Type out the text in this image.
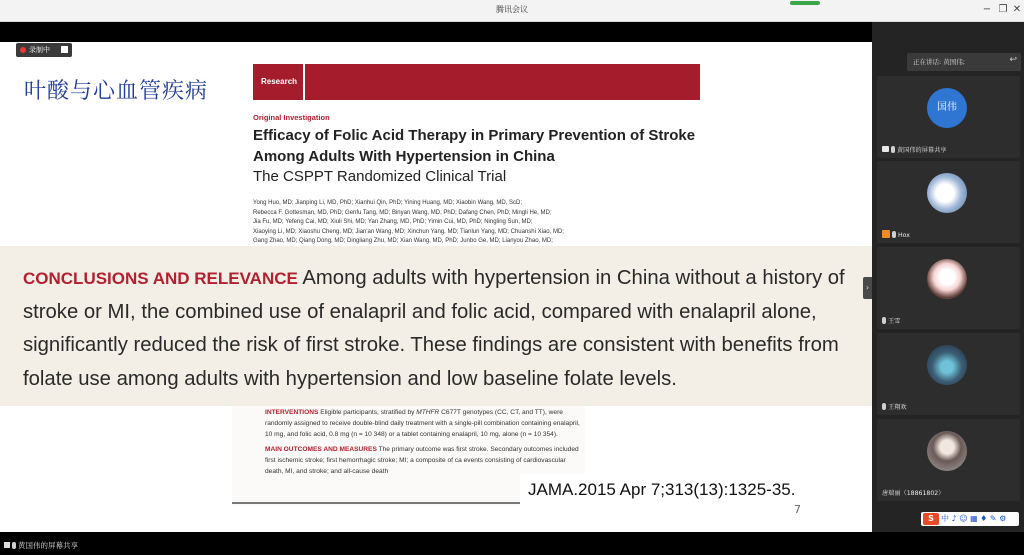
腾讯会议	− ❐ ✕
录制中
叶酸与心血管疾病	Research
Original Investigation
Efficacy of Folic Acid Therapy in Primary Prevention of Stroke
Among Adults With Hypertension in China
The CSPPT Randomized Clinical Trial
Yong Huo, MD; Jianping Li, MD, PhD; Xianhui Qin, PhD; Yining Huang, MD; Xiaobin Wang, MD, ScD;
Rebecca F. Gottesman, MD, PhD; Genfu Tang, MD; Binyan Wang, MD, PhD; Dafang Chen, PhD; Mingli He, MD;
Jia Fu, MD; Yefeng Cai, MD; Xiuli Shi, MD; Yan Zhang, MD, PhD; Yimin Cui, MD, PhD; Ningling Sun, MD;
Xiaoying Li, MD; Xiaoshu Cheng, MD; Jian'an Wang, MD; Xinchun Yang, MD; Tianlun Yang, MD; Chuanshi Xiao, MD;
Gang Zhao, MD; Qiang Dong, MD; Dingliang Zhu, MD; Xian Wang, MD, PhD; Junbo Ge, MD; Lianyou Zhao, MD;
CONCLUSIONS AND RELEVANCE Among adults with hypertension in China without a history of stroke or MI, the combined use of enalapril and folic acid, compared with enalapril alone, significantly reduced the risk of first stroke. These findings are consistent with benefits from folate use among adults with hypertension and low baseline folate levels.
INTERVENTIONS Eligible participants, stratified by MTHFR C677T genotypes (CC, CT, and TT), were randomly assigned to receive double-blind daily treatment with a single-pill combination containing enalapril, 10 mg, and folic acid, 0.8 mg (n = 10 348) or a tablet containing enalapril, 10 mg, alone (n = 10 354).
MAIN OUTCOMES AND MEASURES The primary outcome was first stroke. Secondary outcomes included first ischemic stroke; first hemorrhagic stroke; MI; a composite of ca events consisting of cardiovascular death, MI, and stroke; and all-cause death
JAMA.2015 Apr 7;313(13):1325-35.
7
›
正在讲话: 黄国伟;	↩
国伟
黄国伟的屏幕共享
Hox
王雪
王翔欢
唐瑞丽（18861802）
S 中 ♪ ☺ ▦ ♦ ✎ ⚙
黄国伟的屏幕共享
